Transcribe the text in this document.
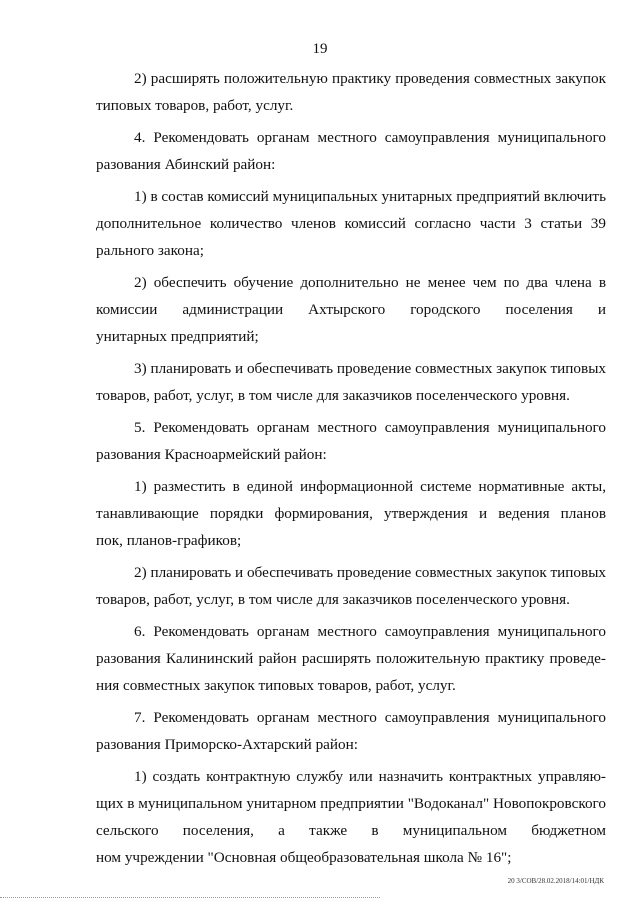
19
2) расширять положительную практику проведения совместных закупок
типовых товаров, работ, услуг.
4. Рекомендовать органам местного самоуправления муниципального
разования Абинский район:
1) в состав комиссий муниципальных унитарных предприятий включить
дополнительное количество членов комиссий согласно части 3 статьи 39
рального закона;
2) обеспечить обучение дополнительно не менее чем по два члена в
комиссии администрации Ахтырского городского поселения и
унитарных предприятий;
3) планировать и обеспечивать проведение совместных закупок типовых
товаров, работ, услуг, в том числе для заказчиков поселенческого уровня.
5. Рекомендовать органам местного самоуправления муниципального
разования Красноармейский район:
1) разместить в единой информационной системе нормативные акты,
танавливающие порядки формирования, утверждения и ведения планов
пок, планов-графиков;
2) планировать и обеспечивать проведение совместных закупок типовых
товаров, работ, услуг, в том числе для заказчиков поселенческого уровня.
6. Рекомендовать органам местного самоуправления муниципального
разования Калининский район расширять положительную практику проведе-
ния совместных закупок типовых товаров, работ, услуг.
7. Рекомендовать органам местного самоуправления муниципального
разования Приморско-Ахтарский район:
1) создать контрактную службу или назначить контрактных управляю-
щих в муниципальном унитарном предприятии "Водоканал" Новопокровского
сельского поселения, а также в муниципальном бюджетном
ном учреждении "Основная общеобразовательная школа № 16";
20 3/СОВ/28.02.2018/14:01/НДК
